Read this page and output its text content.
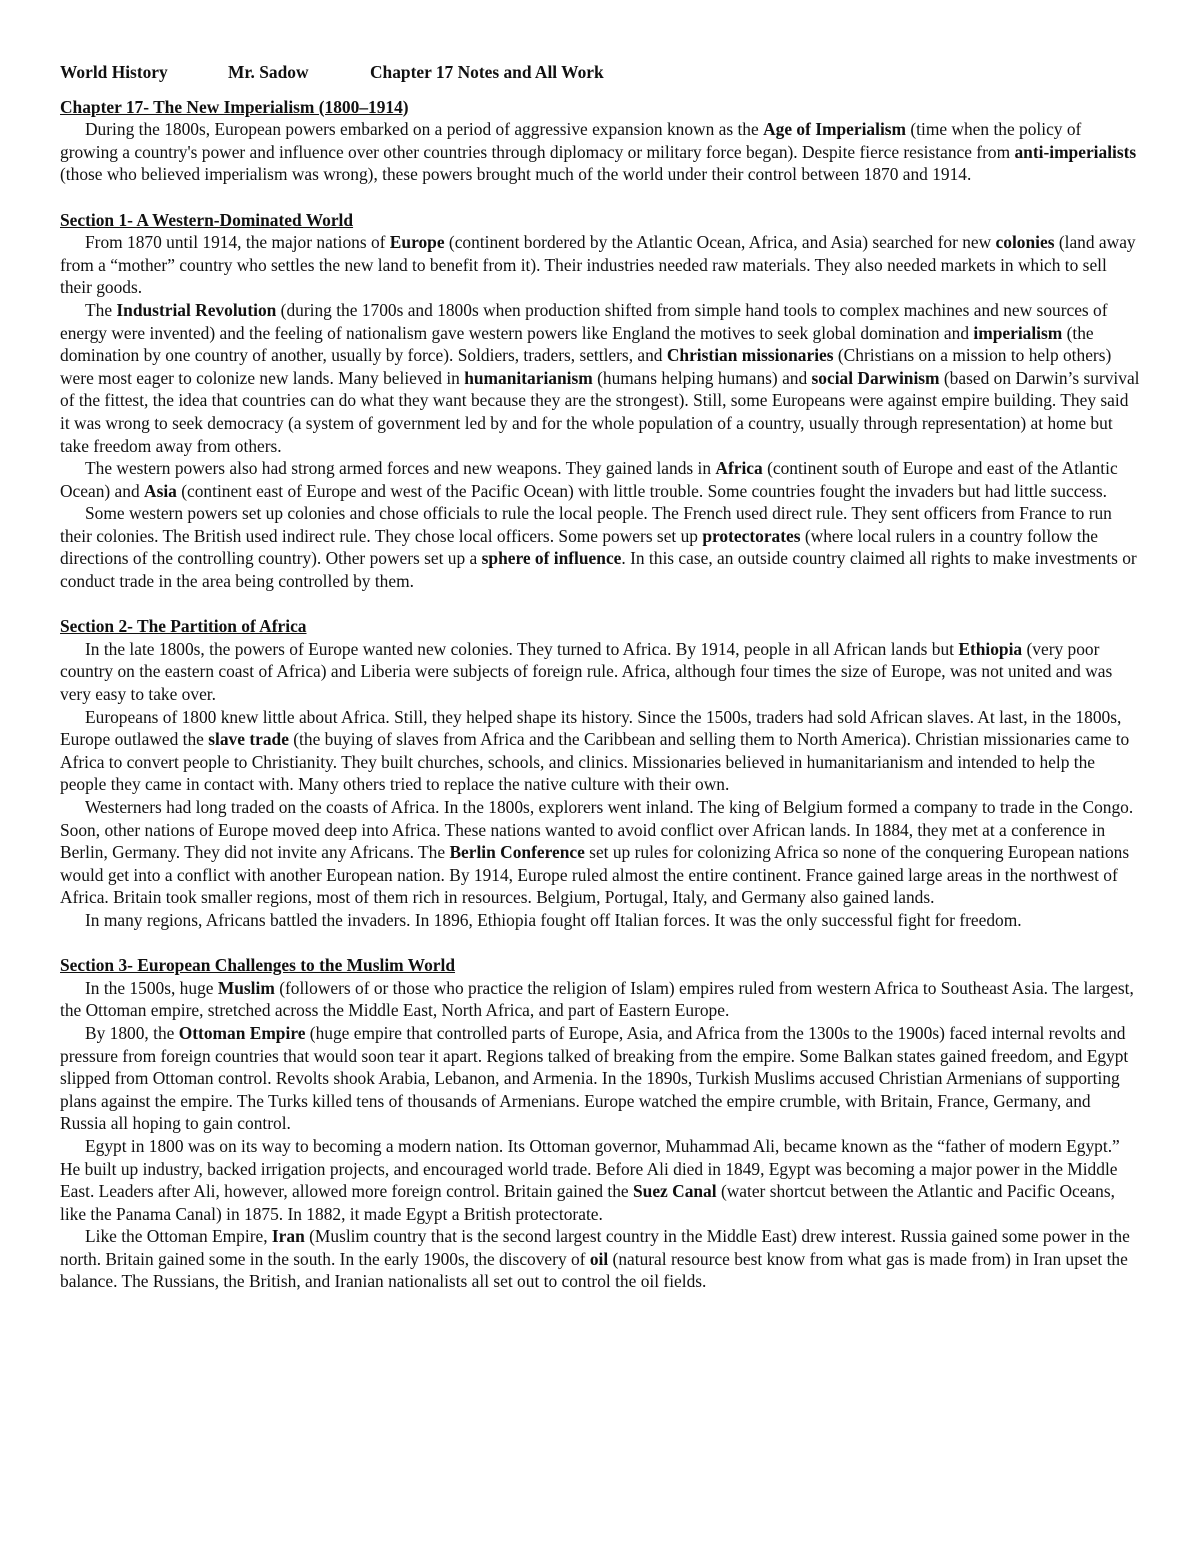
World History	Mr. Sadow	Chapter 17 Notes and All Work
Chapter 17- The New Imperialism (1800–1914)

During the 1800s, European powers embarked on a period of aggressive expansion known as the Age of Imperialism (time when the policy of growing a country's power and influence over other countries through diplomacy or military force began). Despite fierce resistance from anti-imperialists (those who believed imperialism was wrong), these powers brought much of the world under their control between 1870 and 1914.

Section 1- A Western-Dominated World

From 1870 until 1914, the major nations of Europe (continent bordered by the Atlantic Ocean, Africa, and Asia) searched for new colonies (land away from a “mother” country who settles the new land to benefit from it). Their industries needed raw materials. They also needed markets in which to sell their goods.

The Industrial Revolution (during the 1700s and 1800s when production shifted from simple hand tools to complex machines and new sources of energy were invented) and the feeling of nationalism gave western powers like England the motives to seek global domination and imperialism (the domination by one country of another, usually by force). Soldiers, traders, settlers, and Christian missionaries (Christians on a mission to help others) were most eager to colonize new lands. Many believed in humanitarianism (humans helping humans) and social Darwinism (based on Darwin’s survival of the fittest, the idea that countries can do what they want because they are the strongest). Still, some Europeans were against empire building. They said it was wrong to seek democracy (a system of government led by and for the whole population of a country, usually through representation) at home but take freedom away from others.

The western powers also had strong armed forces and new weapons. They gained lands in Africa (continent south of Europe and east of the Atlantic Ocean) and Asia (continent east of Europe and west of the Pacific Ocean) with little trouble. Some countries fought the invaders but had little success.

Some western powers set up colonies and chose officials to rule the local people. The French used direct rule. They sent officers from France to run their colonies. The British used indirect rule. They chose local officers. Some powers set up protectorates (where local rulers in a country follow the directions of the controlling country). Other powers set up a sphere of influence. In this case, an outside country claimed all rights to make investments or conduct trade in the area being controlled by them.

Section 2- The Partition of Africa

In the late 1800s, the powers of Europe wanted new colonies. They turned to Africa. By 1914, people in all African lands but Ethiopia (very poor country on the eastern coast of Africa) and Liberia were subjects of foreign rule. Africa, although four times the size of Europe, was not united and was very easy to take over.

Europeans of 1800 knew little about Africa. Still, they helped shape its history. Since the 1500s, traders had sold African slaves. At last, in the 1800s, Europe outlawed the slave trade (the buying of slaves from Africa and the Caribbean and selling them to North America). Christian missionaries came to Africa to convert people to Christianity. They built churches, schools, and clinics. Missionaries believed in humanitarianism and intended to help the people they came in contact with. Many others tried to replace the native culture with their own.

Westerners had long traded on the coasts of Africa. In the 1800s, explorers went inland. The king of Belgium formed a company to trade in the Congo. Soon, other nations of Europe moved deep into Africa. These nations wanted to avoid conflict over African lands. In 1884, they met at a conference in Berlin, Germany. They did not invite any Africans. The Berlin Conference set up rules for colonizing Africa so none of the conquering European nations would get into a conflict with another European nation. By 1914, Europe ruled almost the entire continent. France gained large areas in the northwest of Africa. Britain took smaller regions, most of them rich in resources. Belgium, Portugal, Italy, and Germany also gained lands.

In many regions, Africans battled the invaders. In 1896, Ethiopia fought off Italian forces. It was the only successful fight for freedom.

Section 3- European Challenges to the Muslim World

In the 1500s, huge Muslim (followers of or those who practice the religion of Islam) empires ruled from western Africa to Southeast Asia. The largest, the Ottoman empire, stretched across the Middle East, North Africa, and part of Eastern Europe.

By 1800, the Ottoman Empire (huge empire that controlled parts of Europe, Asia, and Africa from the 1300s to the 1900s) faced internal revolts and pressure from foreign countries that would soon tear it apart. Regions talked of breaking from the empire. Some Balkan states gained freedom, and Egypt slipped from Ottoman control. Revolts shook Arabia, Lebanon, and Armenia. In the 1890s, Turkish Muslims accused Christian Armenians of supporting plans against the empire. The Turks killed tens of thousands of Armenians. Europe watched the empire crumble, with Britain, France, Germany, and Russia all hoping to gain control.

Egypt in 1800 was on its way to becoming a modern nation. Its Ottoman governor, Muhammad Ali, became known as the “father of modern Egypt.” He built up industry, backed irrigation projects, and encouraged world trade. Before Ali died in 1849, Egypt was becoming a major power in the Middle East. Leaders after Ali, however, allowed more foreign control. Britain gained the Suez Canal (water shortcut between the Atlantic and Pacific Oceans, like the Panama Canal) in 1875. In 1882, it made Egypt a British protectorate.

Like the Ottoman Empire, Iran (Muslim country that is the second largest country in the Middle East) drew interest. Russia gained some power in the north. Britain gained some in the south. In the early 1900s, the discovery of oil (natural resource best know from what gas is made from) in Iran upset the balance. The Russians, the British, and Iranian nationalists all set out to control the oil fields.
